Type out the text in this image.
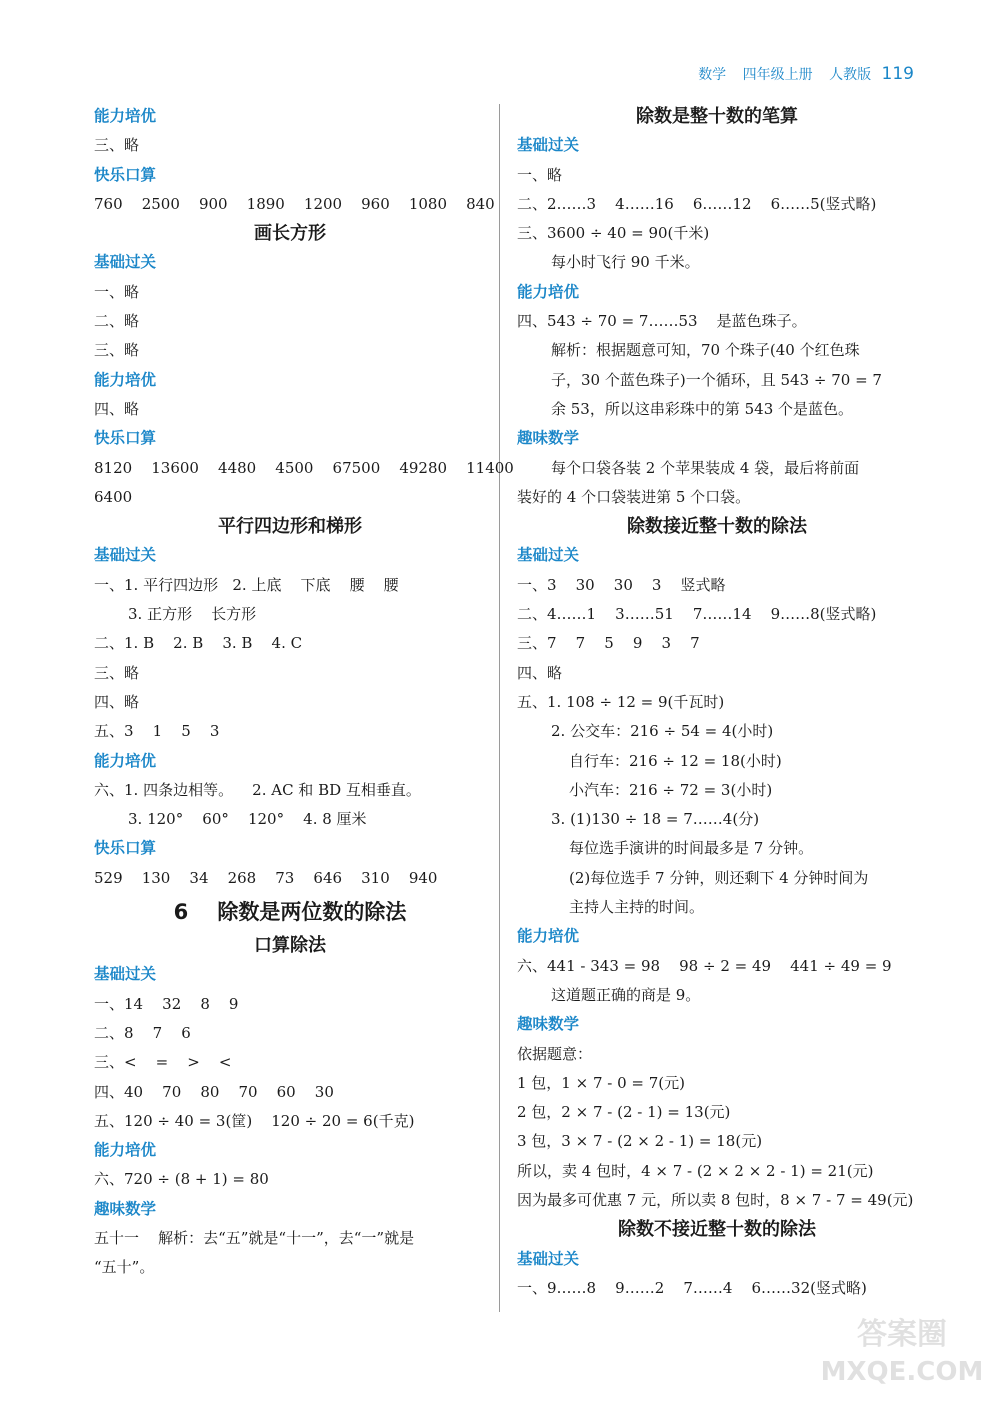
数学 四年级上册 人教版 119
能力培优
三、略
快乐口算
760    2500    900    1890    1200    960    1080    840
画长方形
基础过关
一、略
二、略
三、略
能力培优
四、略
快乐口算
8120    13600    4480    4500    67500    49280    11400
6400
平行四边形和梯形
基础过关
一、1. 平行四边形   2. 上底    下底    腰    腰
3. 正方形    长方形
二、1. B    2. B    3. B    4. C
三、略
四、略
五、3    1    5    3
能力培优
六、1. 四条边相等。    2. AC 和 BD 互相垂直。
3. 120°    60°    120°    4. 8 厘米
快乐口算
529    130    34    268    73    646    310    940
6    除数是两位数的除法
口算除法
基础过关
一、14    32    8    9
二、8    7    6
三、<    =    >    <
四、40    70    80    70    60    30
五、120 ÷ 40 = 3(筐)    120 ÷ 20 = 6(千克)
能力培优
六、720 ÷ (8 + 1) = 80
趣味数学
五十一    解析：去“五”就是“十一”，去“一”就是
“五十”。
除数是整十数的笔算
基础过关
一、略
二、2……3    4……16    6……12    6……5(竖式略)
三、3600 ÷ 40 = 90(千米)
每小时飞行 90 千米。
能力培优
四、543 ÷ 70 = 7……53    是蓝色珠子。
解析：根据题意可知，70 个珠子(40 个红色珠
子，30 个蓝色珠子)一个循环，且 543 ÷ 70 = 7
余 53，所以这串彩珠中的第 543 个是蓝色。
趣味数学
每个口袋各装 2 个苹果装成 4 袋，最后将前面
装好的 4 个口袋装进第 5 个口袋。
除数接近整十数的除法
基础过关
一、3    30    30    3    竖式略
二、4……1    3……51    7……14    9……8(竖式略)
三、7    7    5    9    3    7
四、略
五、1. 108 ÷ 12 = 9(千瓦时)
2. 公交车：216 ÷ 54 = 4(小时)
自行车：216 ÷ 12 = 18(小时)
小汽车：216 ÷ 72 = 3(小时)
3. (1)130 ÷ 18 = 7……4(分)
每位选手演讲的时间最多是 7 分钟。
(2)每位选手 7 分钟，则还剩下 4 分钟时间为
主持人主持的时间。
能力培优
六、441 - 343 = 98    98 ÷ 2 = 49    441 ÷ 49 = 9
这道题正确的商是 9。
趣味数学
依据题意：
1 包，1 × 7 - 0 = 7(元)
2 包，2 × 7 - (2 - 1) = 13(元)
3 包，3 × 7 - (2 × 2 - 1) = 18(元)
所以，卖 4 包时，4 × 7 - (2 × 2 × 2 - 1) = 21(元)
因为最多可优惠 7 元，所以卖 8 包时，8 × 7 - 7 = 49(元)
除数不接近整十数的除法
基础过关
一、9……8    9……2    7……4    6……32(竖式略)
答案圈
MXQE.COM
